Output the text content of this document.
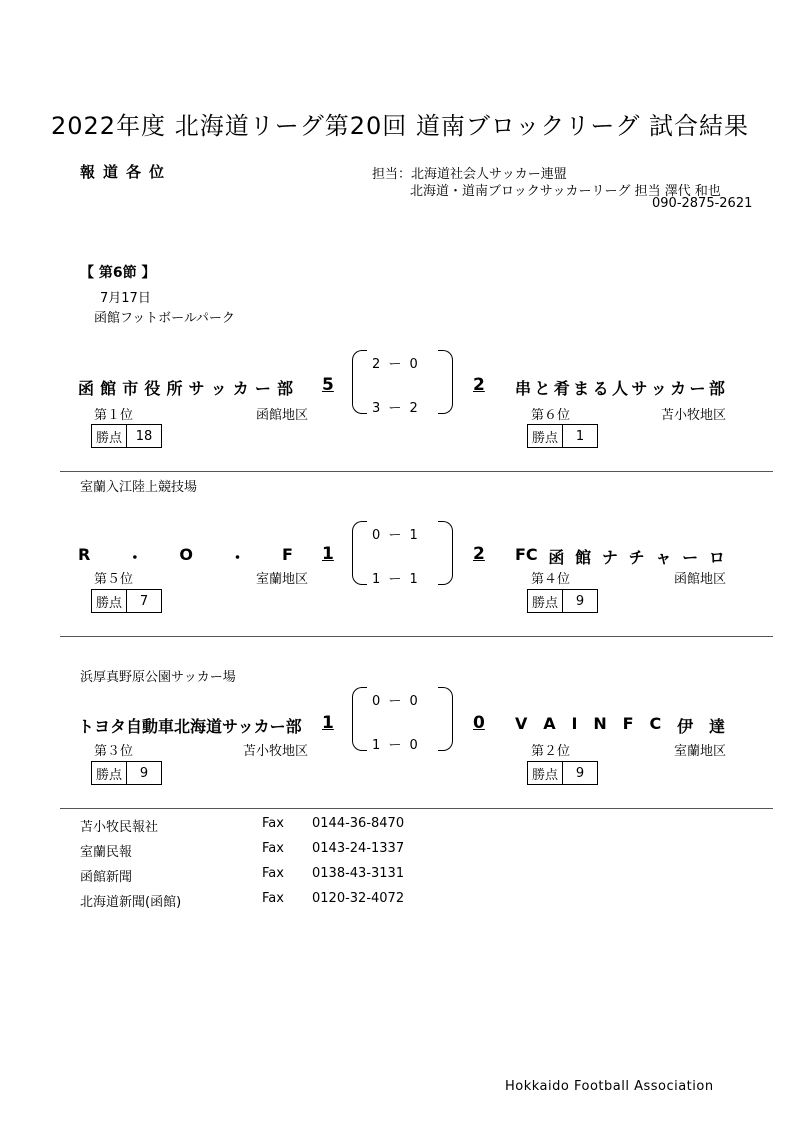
2022年度 北海道リーグ第20回 道南ブロックリーグ 試合結果
報道各位	担当：北海道社会人サッカー連盟
北海道・道南ブロックサッカーリーグ 担当 澤代 和也
090-2875-2621
【 第6節 】
7月17日
函館フットボールパーク
函 館 市 役 所 サ ッ カ ー 部 5
2 ー 0
3 ー 2
2 串 と 肴 ま る 人 サ ッ カ ー 部
第１位	函館地区	第６位	苫小牧地区
勝点	18	勝点	1
室蘭入江陸上競技場
R ・ O ・ F 1
0 ー 1
1 ー 1
2 FC 函 館 ナ チ ャ ー ロ
第５位	室蘭地区	第４位	函館地区
勝点	7	勝点	9
浜厚真野原公園サッカー場
トヨタ自動車北海道サッカー部 1
0 ー 0
1 ー 0
0 V A I N F C 伊 達
第３位	苫小牧地区	第２位	室蘭地区
勝点	9	勝点	9
苫小牧民報社	Fax 0144-36-8470
室蘭民報	Fax 0143-24-1337
函館新聞	Fax 0138-43-3131
北海道新聞(函館)	Fax 0120-32-4072
Hokkaido Football Association
